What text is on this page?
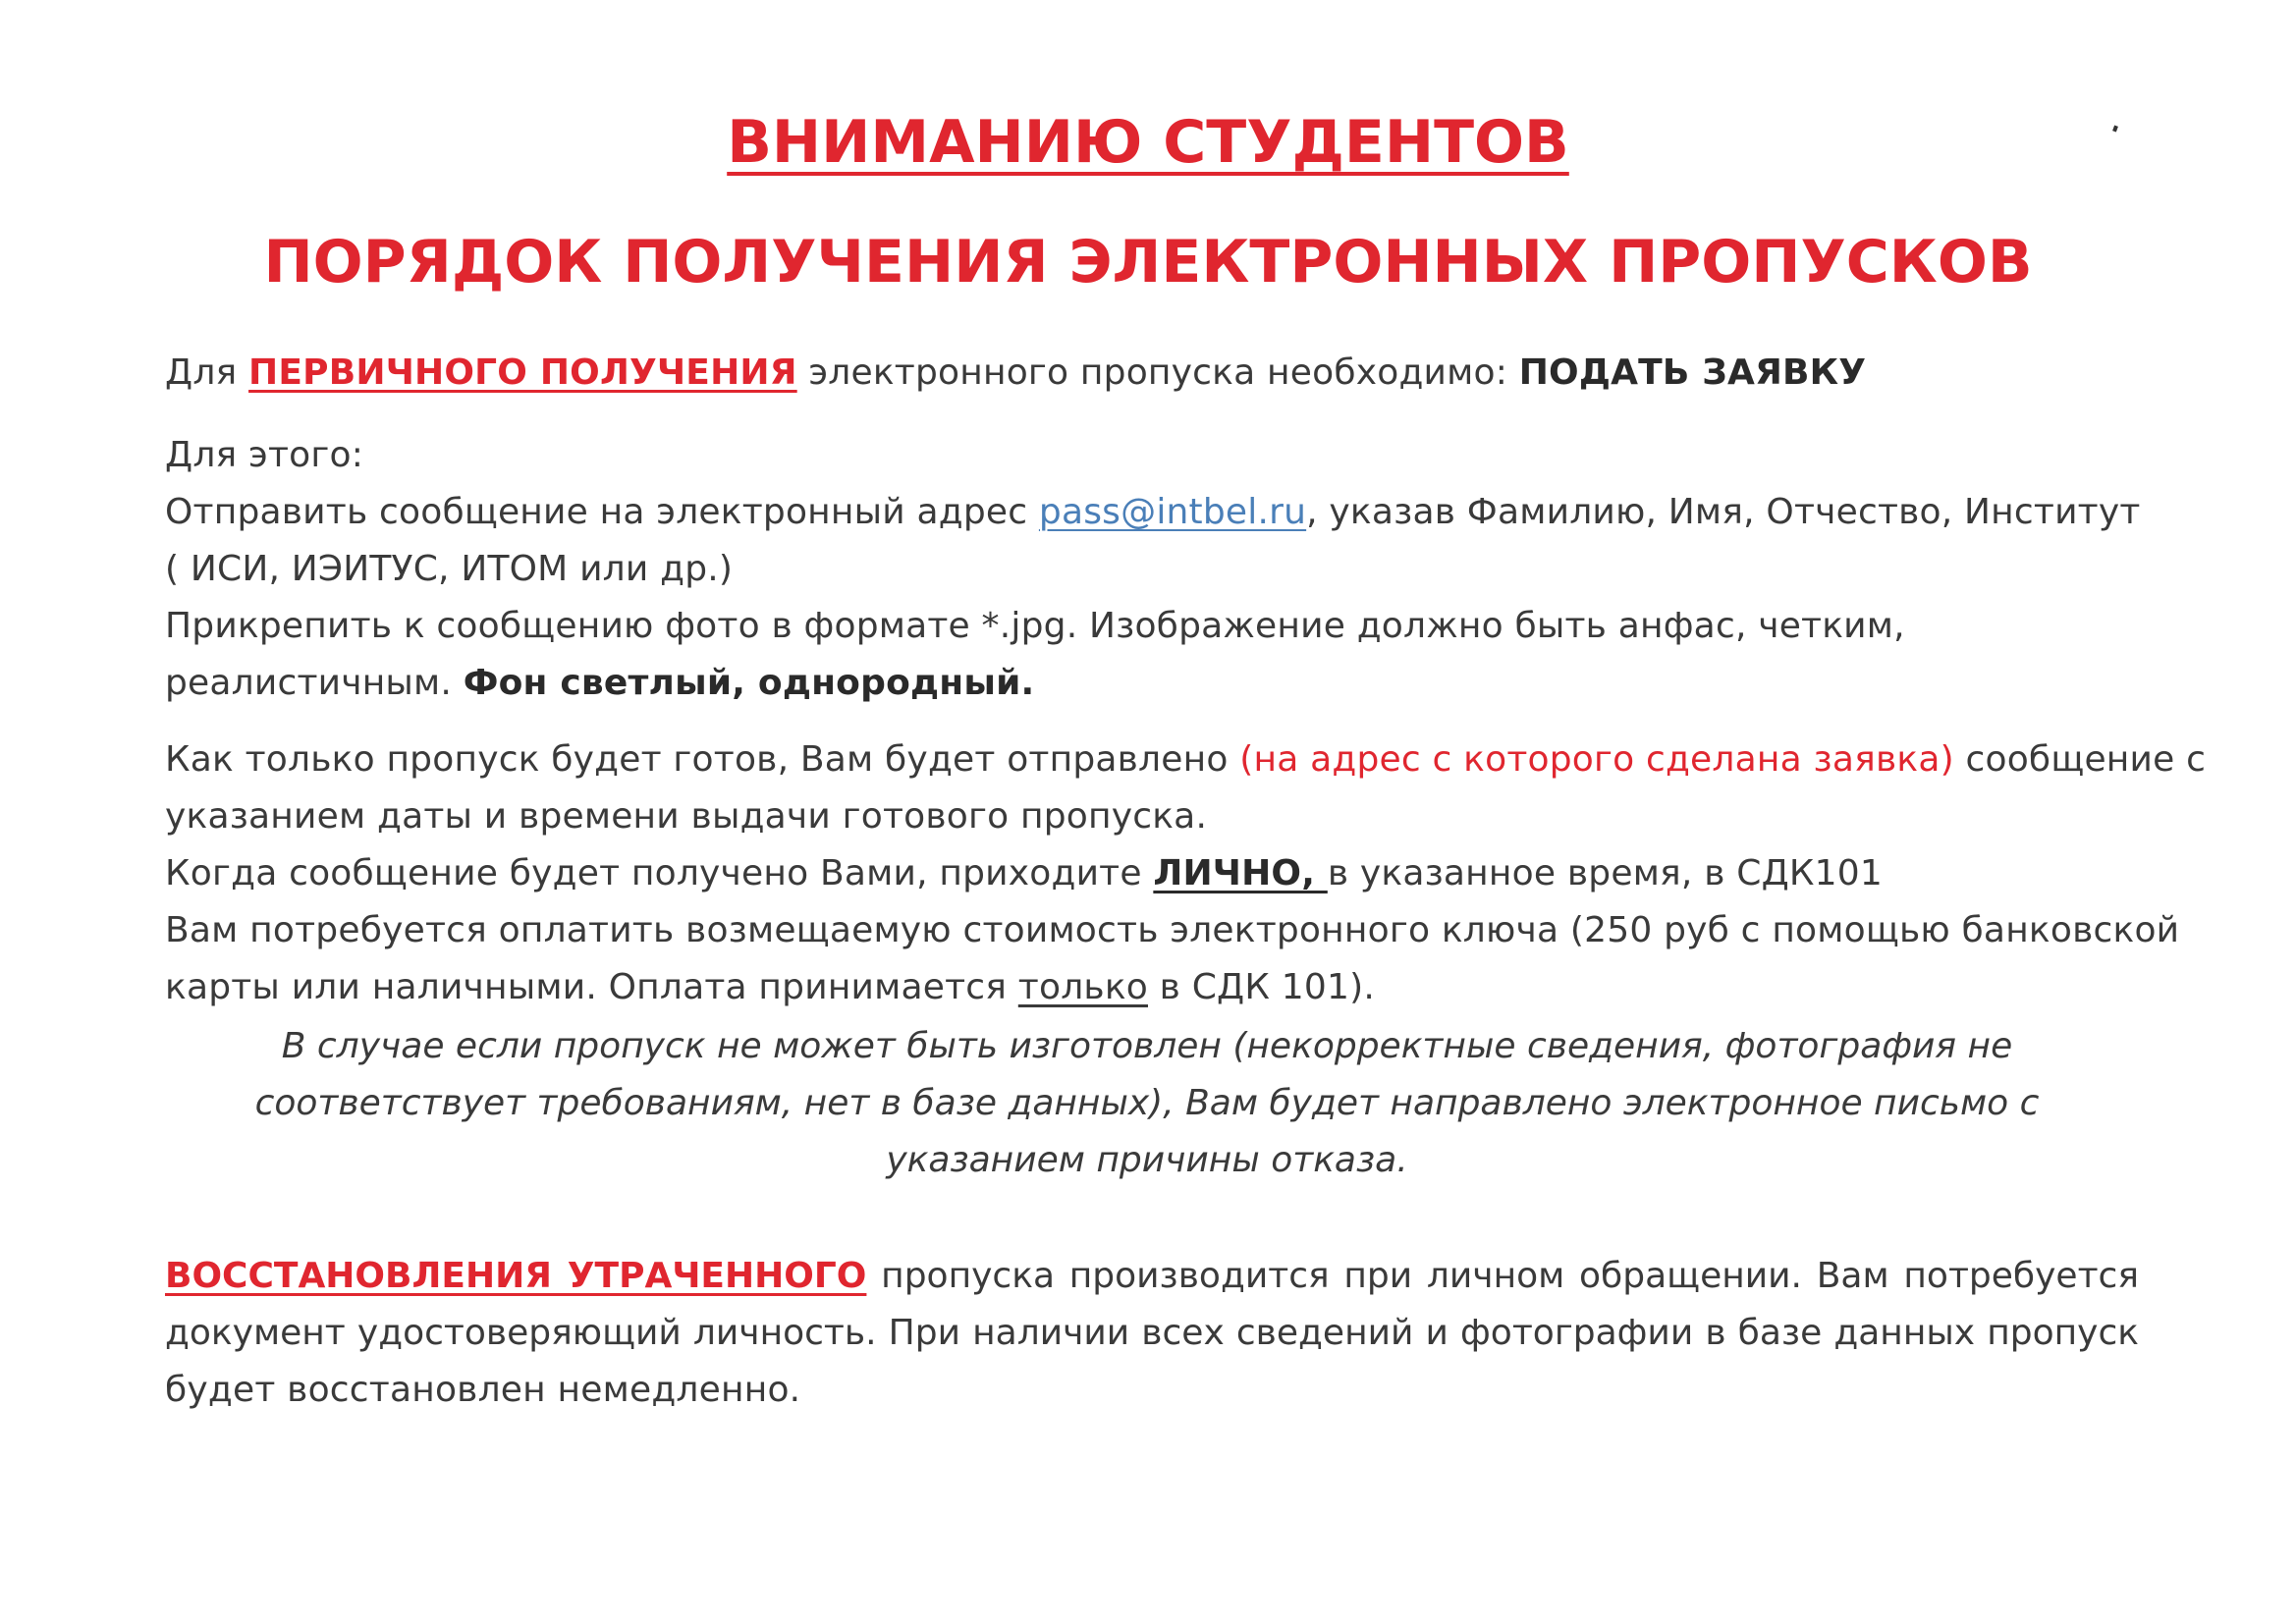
ВНИМАНИЮ СТУДЕНТОВ
ПОРЯДОК ПОЛУЧЕНИЯ ЭЛЕКТРОННЫХ ПРОПУСКОВ
Для ПЕРВИЧНОГО ПОЛУЧЕНИЯ электронного пропуска необходимо: ПОДАТЬ ЗАЯВКУ
Для этого:
Отправить сообщение на электронный адрес pass@intbel.ru, указав Фамилию, Имя, Отчество, Институт
( ИСИ, ИЭИТУС, ИТОМ или др.)
Прикрепить к сообщению фото в формате *.jpg. Изображение должно быть анфас, четким,
реалистичным. Фон светлый, однородный.
Как только пропуск будет готов, Вам будет отправлено (на адрес с которого сделана заявка) сообщение с
указанием даты и времени выдачи готового пропуска.
Когда сообщение будет получено Вами, приходите ЛИЧНО, в указанное время, в СДК101
Вам потребуется оплатить возмещаемую стоимость электронного ключа (250 руб с помощью банковской
карты или наличными. Оплата принимается только в СДК 101).
В случае если пропуск не может быть изготовлен (некорректные сведения, фотография не
соответствует требованиям, нет в базе данных), Вам будет направлено электронное письмо с
указанием причины отказа.
ВОССТАНОВЛЕНИЯ УТРАЧЕННОГО пропуска производится при личном обращении. Вам потребуется
документ удостоверяющий личность. При наличии всех сведений и фотографии в базе данных пропуск
будет восстановлен немедленно.
